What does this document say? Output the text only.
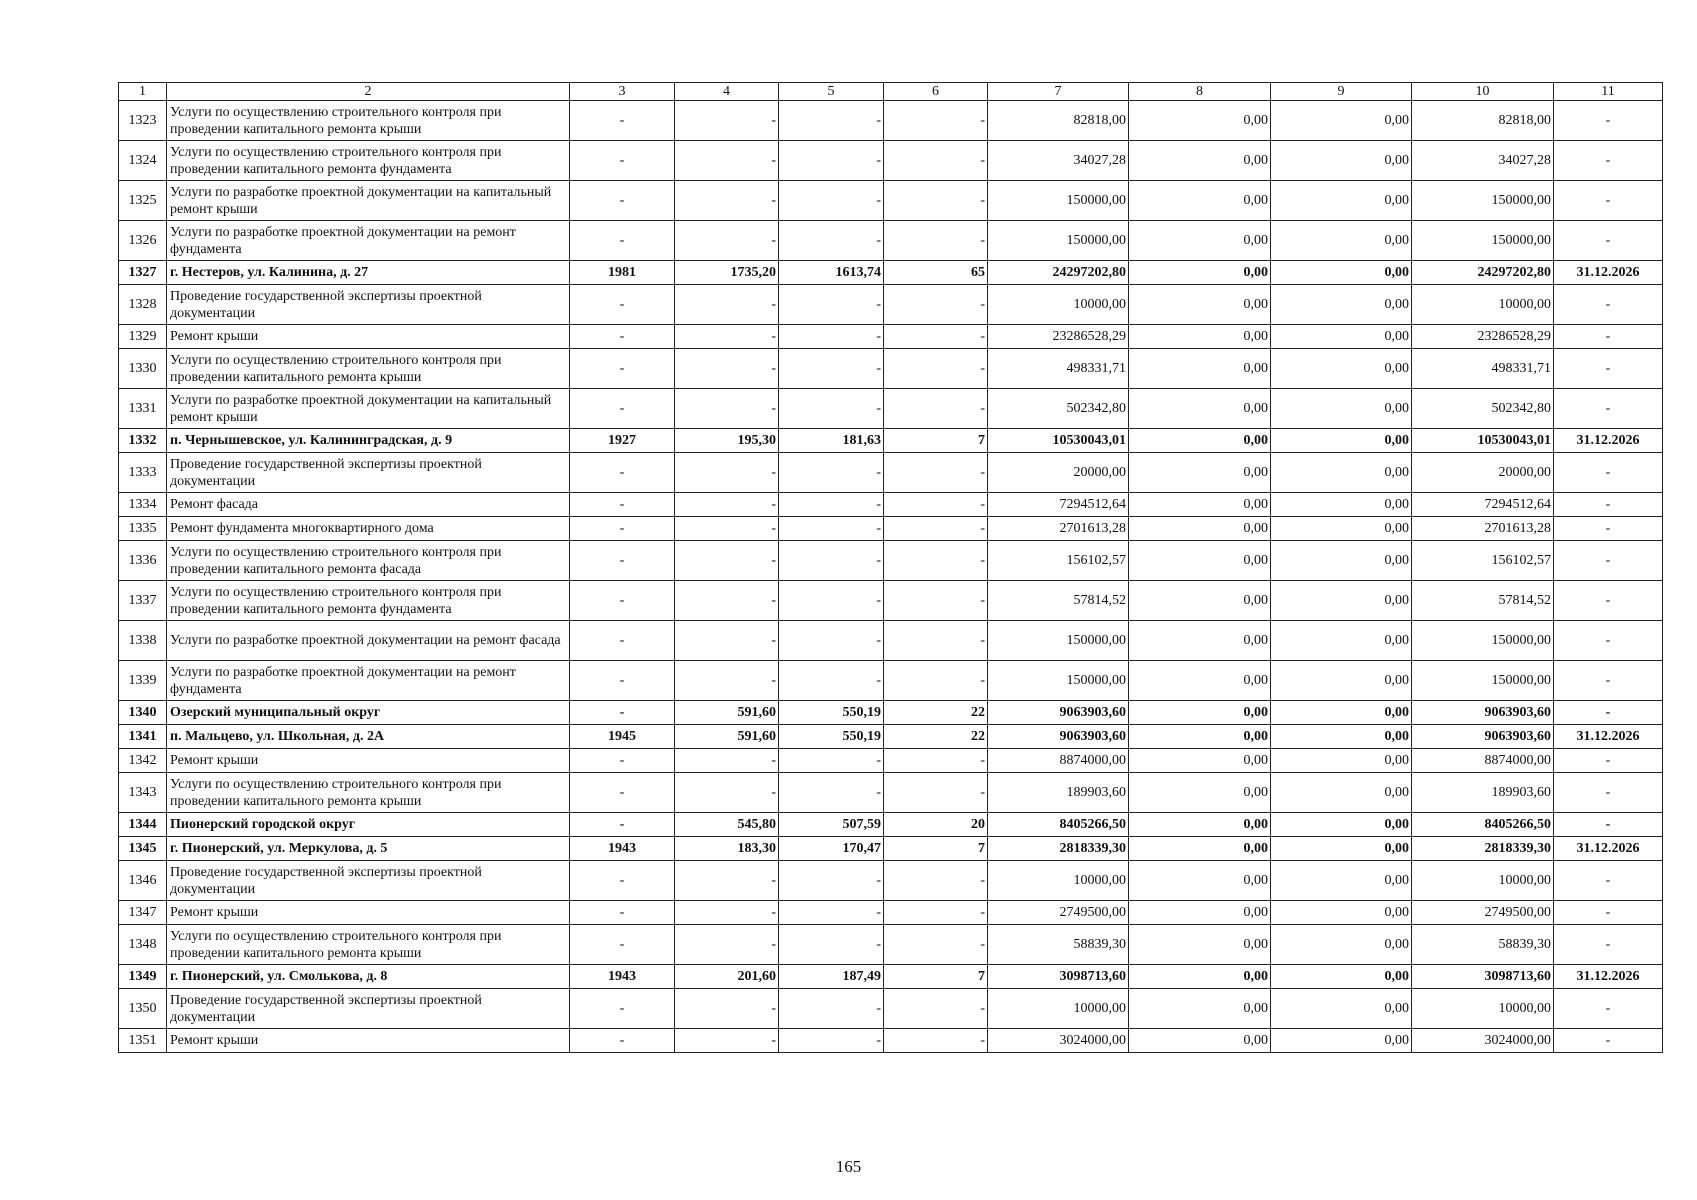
1	2	3	4	5	6	7	8	9	10	11
1323	Услуги по осуществлению строительного контроля при проведении капитального ремонта крыши	-	-	-	-	82818,00	0,00	0,00	82818,00	-
1324	Услуги по осуществлению строительного контроля при проведении капитального ремонта фундамента	-	-	-	-	34027,28	0,00	0,00	34027,28	-
1325	Услуги по разработке проектной документации на капитальный ремонт крыши	-	-	-	-	150000,00	0,00	0,00	150000,00	-
1326	Услуги по разработке проектной документации на ремонт фундамента	-	-	-	-	150000,00	0,00	0,00	150000,00	-
1327	г. Нестеров, ул. Калинина, д. 27	1981	1735,20	1613,74	65	24297202,80	0,00	0,00	24297202,80	31.12.2026
1328	Проведение государственной экспертизы проектной документации	-	-	-	-	10000,00	0,00	0,00	10000,00	-
1329	Ремонт крыши	-	-	-	-	23286528,29	0,00	0,00	23286528,29	-
1330	Услуги по осуществлению строительного контроля при проведении капитального ремонта крыши	-	-	-	-	498331,71	0,00	0,00	498331,71	-
1331	Услуги по разработке проектной документации на капитальный ремонт крыши	-	-	-	-	502342,80	0,00	0,00	502342,80	-
1332	п. Чернышевское, ул. Калининградская, д. 9	1927	195,30	181,63	7	10530043,01	0,00	0,00	10530043,01	31.12.2026
1333	Проведение государственной экспертизы проектной документации	-	-	-	-	20000,00	0,00	0,00	20000,00	-
1334	Ремонт фасада	-	-	-	-	7294512,64	0,00	0,00	7294512,64	-
1335	Ремонт фундамента многоквартирного дома	-	-	-	-	2701613,28	0,00	0,00	2701613,28	-
1336	Услуги по осуществлению строительного контроля при проведении капитального ремонта фасада	-	-	-	-	156102,57	0,00	0,00	156102,57	-
1337	Услуги по осуществлению строительного контроля при проведении капитального ремонта фундамента	-	-	-	-	57814,52	0,00	0,00	57814,52	-
1338	Услуги по разработке проектной документации на ремонт фасада	-	-	-	-	150000,00	0,00	0,00	150000,00	-
1339	Услуги по разработке проектной документации на ремонт фундамента	-	-	-	-	150000,00	0,00	0,00	150000,00	-
1340	Озерский муниципальный округ	-	591,60	550,19	22	9063903,60	0,00	0,00	9063903,60	-
1341	п. Мальцево, ул. Школьная, д. 2А	1945	591,60	550,19	22	9063903,60	0,00	0,00	9063903,60	31.12.2026
1342	Ремонт крыши	-	-	-	-	8874000,00	0,00	0,00	8874000,00	-
1343	Услуги по осуществлению строительного контроля при проведении капитального ремонта крыши	-	-	-	-	189903,60	0,00	0,00	189903,60	-
1344	Пионерский городской округ	-	545,80	507,59	20	8405266,50	0,00	0,00	8405266,50	-
1345	г. Пионерский, ул. Меркулова, д. 5	1943	183,30	170,47	7	2818339,30	0,00	0,00	2818339,30	31.12.2026
1346	Проведение государственной экспертизы проектной документации	-	-	-	-	10000,00	0,00	0,00	10000,00	-
1347	Ремонт крыши	-	-	-	-	2749500,00	0,00	0,00	2749500,00	-
1348	Услуги по осуществлению строительного контроля при проведении капитального ремонта крыши	-	-	-	-	58839,30	0,00	0,00	58839,30	-
1349	г. Пионерский, ул. Смолькова, д. 8	1943	201,60	187,49	7	3098713,60	0,00	0,00	3098713,60	31.12.2026
1350	Проведение государственной экспертизы проектной документации	-	-	-	-	10000,00	0,00	0,00	10000,00	-
1351	Ремонт крыши	-	-	-	-	3024000,00	0,00	0,00	3024000,00	-
165
